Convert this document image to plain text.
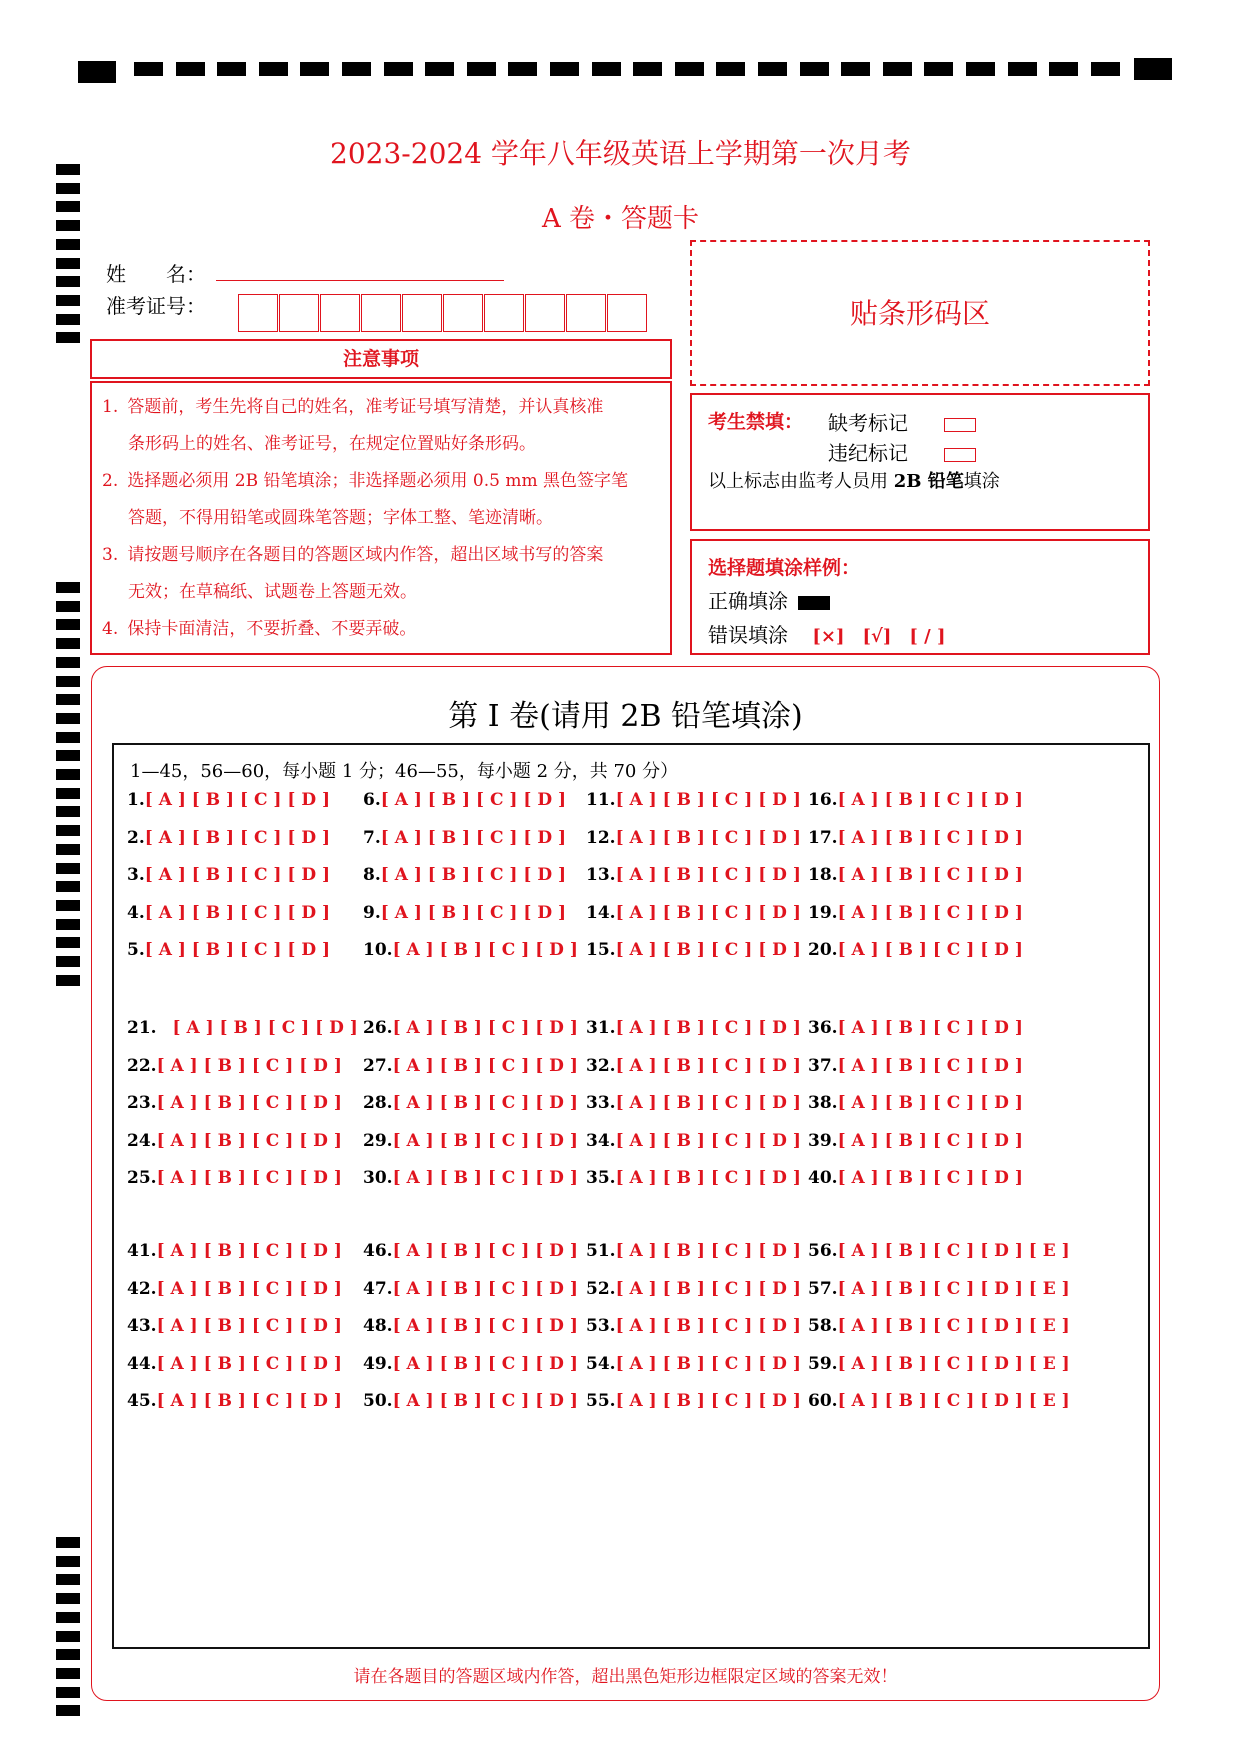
2023-2024 学年八年级英语上学期第一次月考
A 卷・答题卡
姓　　名：
准考证号：
注意事项
1. 答题前，考生先将自己的姓名，准考证号填写清楚，并认真核准
条形码上的姓名、准考证号，在规定位置贴好条形码。
2. 选择题必须用 2B 铅笔填涂；非选择题必须用 0.5 mm 黑色签字笔
答题，不得用铅笔或圆珠笔答题；字体工整、笔迹清晰。
3. 请按题号顺序在各题目的答题区域内作答，超出区域书写的答案
无效；在草稿纸、试题卷上答题无效。
4. 保持卡面清洁，不要折叠、不要弄破。
贴条形码区
考生禁填： 缺考标记
违纪标记
以上标志由监考人员用 2B 铅笔填涂
选择题填涂样例：
正确填涂
错误填涂 [×]　[√]　[ / ]
第 I 卷(请用 2B 铅笔填涂)
请在各题目的答题区域内作答，超出黑色矩形边框限定区域的答案无效！
1—45，56—60，每小题 1 分；46—55，每小题 2 分，共 70 分）
1.[ A ] [ B ] [ C ] [ D ]
2.[ A ] [ B ] [ C ] [ D ]
3.[ A ] [ B ] [ C ] [ D ]
4.[ A ] [ B ] [ C ] [ D ]
5.[ A ] [ B ] [ C ] [ D ]
6.[ A ] [ B ] [ C ] [ D ]
7.[ A ] [ B ] [ C ] [ D ]
8.[ A ] [ B ] [ C ] [ D ]
9.[ A ] [ B ] [ C ] [ D ]
10.[ A ] [ B ] [ C ] [ D ]
11.[ A ] [ B ] [ C ] [ D ]
12.[ A ] [ B ] [ C ] [ D ]
13.[ A ] [ B ] [ C ] [ D ]
14.[ A ] [ B ] [ C ] [ D ]
15.[ A ] [ B ] [ C ] [ D ]
16.[ A ] [ B ] [ C ] [ D ]
17.[ A ] [ B ] [ C ] [ D ]
18.[ A ] [ B ] [ C ] [ D ]
19.[ A ] [ B ] [ C ] [ D ]
20.[ A ] [ B ] [ C ] [ D ]
21. [ A ] [ B ] [ C ] [ D ]
22.[ A ] [ B ] [ C ] [ D ]
23.[ A ] [ B ] [ C ] [ D ]
24.[ A ] [ B ] [ C ] [ D ]
25.[ A ] [ B ] [ C ] [ D ]
26.[ A ] [ B ] [ C ] [ D ]
27.[ A ] [ B ] [ C ] [ D ]
28.[ A ] [ B ] [ C ] [ D ]
29.[ A ] [ B ] [ C ] [ D ]
30.[ A ] [ B ] [ C ] [ D ]
31.[ A ] [ B ] [ C ] [ D ]
32.[ A ] [ B ] [ C ] [ D ]
33.[ A ] [ B ] [ C ] [ D ]
34.[ A ] [ B ] [ C ] [ D ]
35.[ A ] [ B ] [ C ] [ D ]
36.[ A ] [ B ] [ C ] [ D ]
37.[ A ] [ B ] [ C ] [ D ]
38.[ A ] [ B ] [ C ] [ D ]
39.[ A ] [ B ] [ C ] [ D ]
40.[ A ] [ B ] [ C ] [ D ]
41.[ A ] [ B ] [ C ] [ D ]
42.[ A ] [ B ] [ C ] [ D ]
43.[ A ] [ B ] [ C ] [ D ]
44.[ A ] [ B ] [ C ] [ D ]
45.[ A ] [ B ] [ C ] [ D ]
46.[ A ] [ B ] [ C ] [ D ]
47.[ A ] [ B ] [ C ] [ D ]
48.[ A ] [ B ] [ C ] [ D ]
49.[ A ] [ B ] [ C ] [ D ]
50.[ A ] [ B ] [ C ] [ D ]
51.[ A ] [ B ] [ C ] [ D ]
52.[ A ] [ B ] [ C ] [ D ]
53.[ A ] [ B ] [ C ] [ D ]
54.[ A ] [ B ] [ C ] [ D ]
55.[ A ] [ B ] [ C ] [ D ]
56.[ A ] [ B ] [ C ] [ D ] [ E ]
57.[ A ] [ B ] [ C ] [ D ] [ E ]
58.[ A ] [ B ] [ C ] [ D ] [ E ]
59.[ A ] [ B ] [ C ] [ D ] [ E ]
60.[ A ] [ B ] [ C ] [ D ] [ E ]
